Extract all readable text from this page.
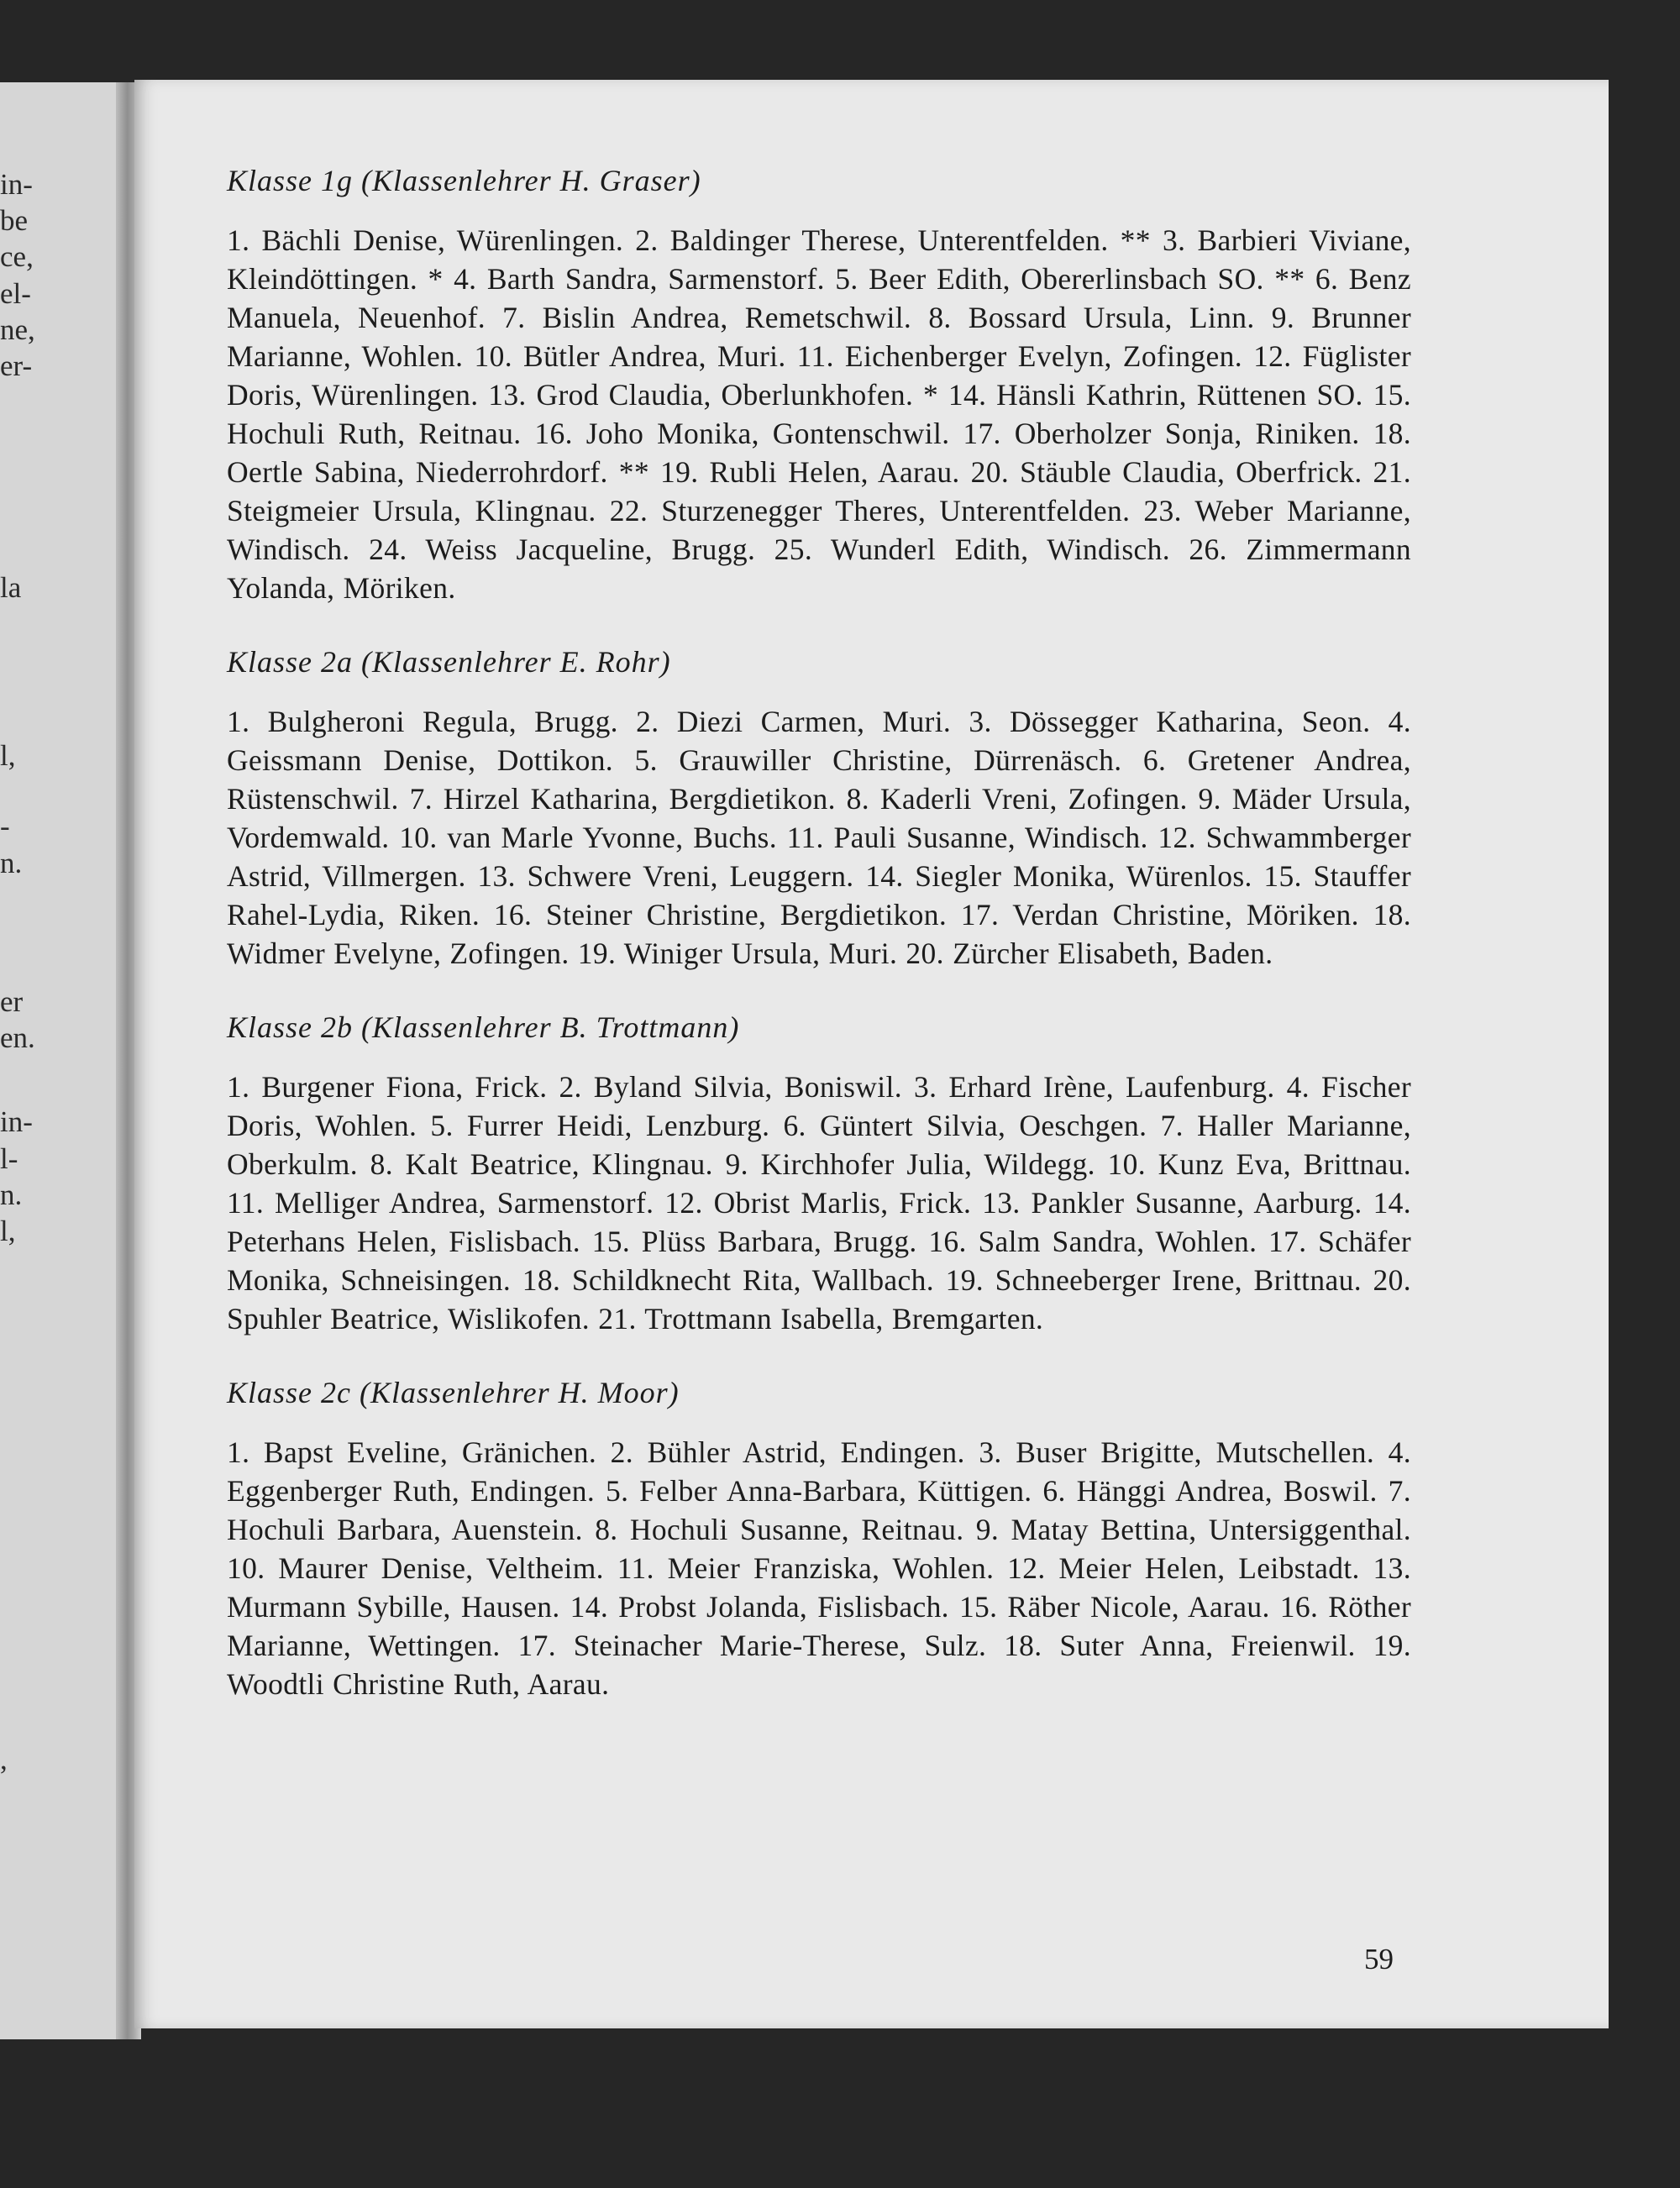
in-
be
ce,
el-
ne,
er-
la
l,
-
n.
er
en.
in-
l-
n.
l,
,
Klasse 1g (Klassenlehrer H. Graser)

1. Bächli Denise, Würenlingen. 2. Baldinger Therese, Unterentfelden. ** 3. Barbieri Viviane, Kleindöttingen. * 4. Barth Sandra, Sarmenstorf. 5. Beer Edith, Obererlinsbach SO. ** 6. Benz Manuela, Neuenhof. 7. Bislin Andrea, Remetschwil. 8. Bossard Ursula, Linn. 9. Brunner Marianne, Wohlen. 10. Bütler Andrea, Muri. 11. Eichenberger Evelyn, Zofingen. 12. Füglister Doris, Würenlingen. 13. Grod Claudia, Oberlunkhofen. * 14. Hänsli Kathrin, Rüttenen SO. 15. Hochuli Ruth, Reitnau. 16. Joho Monika, Gontenschwil. 17. Oberholzer Sonja, Riniken. 18. Oertle Sabina, Niederrohrdorf. ** 19. Rubli Helen, Aarau. 20. Stäuble Claudia, Oberfrick. 21. Steigmeier Ursula, Klingnau. 22. Sturzenegger Theres, Unterentfelden. 23. Weber Marianne, Windisch. 24. Weiss Jacqueline, Brugg. 25. Wunderl Edith, Windisch. 26. Zimmermann Yolanda, Möriken.

Klasse 2a (Klassenlehrer E. Rohr)

1. Bulgheroni Regula, Brugg. 2. Diezi Carmen, Muri. 3. Dössegger Katharina, Seon. 4. Geissmann Denise, Dottikon. 5. Grauwiller Christine, Dürrenäsch. 6. Gretener Andrea, Rüstenschwil. 7. Hirzel Katharina, Bergdietikon. 8. Kaderli Vreni, Zofingen. 9. Mäder Ursula, Vordemwald. 10. van Marle Yvonne, Buchs. 11. Pauli Susanne, Windisch. 12. Schwammberger Astrid, Villmergen. 13. Schwere Vreni, Leuggern. 14. Siegler Monika, Würenlos. 15. Stauffer Rahel-Lydia, Riken. 16. Steiner Christine, Bergdietikon. 17. Verdan Christine, Möriken. 18. Widmer Evelyne, Zofingen. 19. Winiger Ursula, Muri. 20. Zürcher Elisabeth, Baden.

Klasse 2b (Klassenlehrer B. Trottmann)

1. Burgener Fiona, Frick. 2. Byland Silvia, Boniswil. 3. Erhard Irène, Laufenburg. 4. Fischer Doris, Wohlen. 5. Furrer Heidi, Lenzburg. 6. Güntert Silvia, Oeschgen. 7. Haller Marianne, Oberkulm. 8. Kalt Beatrice, Klingnau. 9. Kirchhofer Julia, Wildegg. 10. Kunz Eva, Brittnau. 11. Melliger Andrea, Sarmenstorf. 12. Obrist Marlis, Frick. 13. Pankler Susanne, Aarburg. 14. Peterhans Helen, Fislisbach. 15. Plüss Barbara, Brugg. 16. Salm Sandra, Wohlen. 17. Schäfer Monika, Schneisingen. 18. Schildknecht Rita, Wallbach. 19. Schneeberger Irene, Brittnau. 20. Spuhler Beatrice, Wislikofen. 21. Trottmann Isabella, Bremgarten.

Klasse 2c (Klassenlehrer H. Moor)

1. Bapst Eveline, Gränichen. 2. Bühler Astrid, Endingen. 3. Buser Brigitte, Mutschellen. 4. Eggenberger Ruth, Endingen. 5. Felber Anna-Barbara, Küttigen. 6. Hänggi Andrea, Boswil. 7. Hochuli Barbara, Auenstein. 8. Hochuli Susanne, Reitnau. 9. Matay Bettina, Untersiggenthal. 10. Maurer Denise, Veltheim. 11. Meier Franziska, Wohlen. 12. Meier Helen, Leibstadt. 13. Murmann Sybille, Hausen. 14. Probst Jolanda, Fislisbach. 15. Räber Nicole, Aarau. 16. Röther Marianne, Wettingen. 17. Steinacher Marie-Therese, Sulz. 18. Suter Anna, Freienwil. 19. Woodtli Christine Ruth, Aarau.

59
